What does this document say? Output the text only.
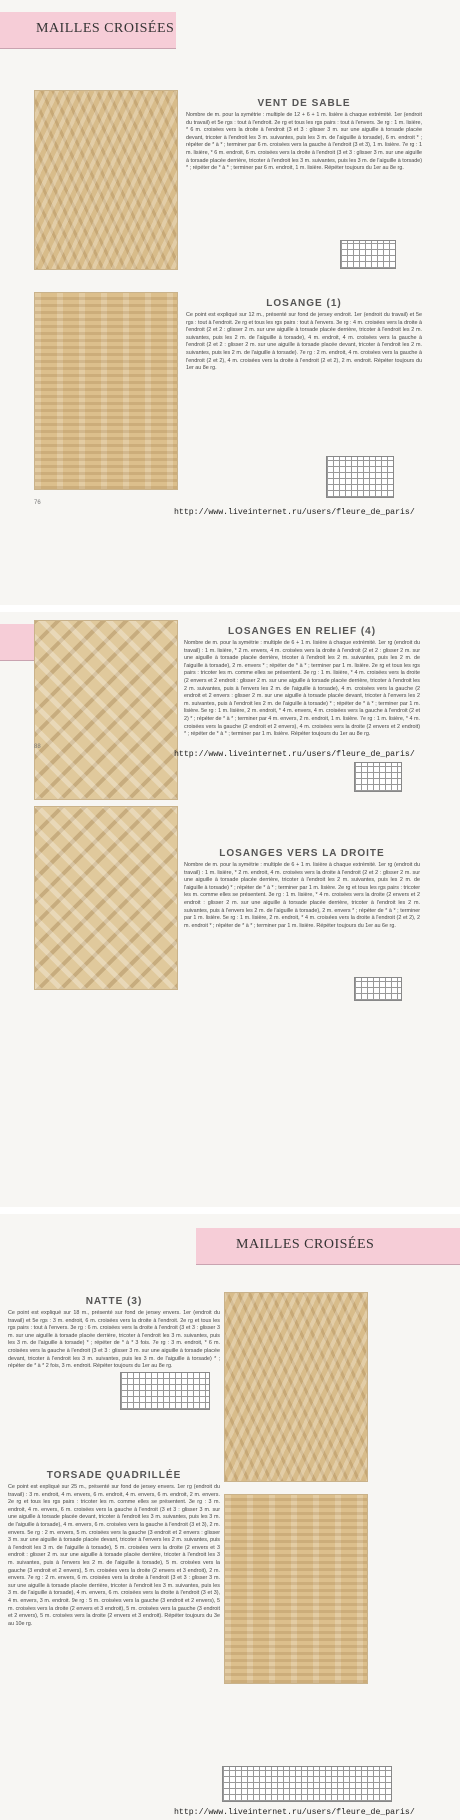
MAILLES CROISÉES
VENT DE SABLE
Nombre de m. pour la symétrie : multiple de 12 + 6 + 1 m. lisière à chaque extrémité. 1er (endroit du travail) et 5e rgs : tout à l'endroit. 2e rg et tous les rgs pairs : tout à l'envers. 3e rg : 1 m. lisière, * 6 m. croisées vers la droite à l'endroit (3 et 3 : glisser 3 m. sur une aiguille à torsade placée devant, tricoter à l'endroit les 3 m. suivantes, puis les 3 m. de l'aiguille à torsade), 6 m. endroit * ; répéter de * à * ; terminer par 6 m. croisées vers la gauche à l'endroit (3 et 3), 1 m. lisière. 7e rg : 1 m. lisière, * 6 m. endroit, 6 m. croisées vers la droite à l'endroit (3 et 3 : glisser 3 m. sur une aiguille à torsade placée derrière, tricoter à l'endroit les 3 m. suivantes, puis les 3 m. de l'aiguille à torsade) * ; répéter de * à * ; terminer par 6 m. endroit, 1 m. lisière. Répéter toujours du 1er au 8e rg.
LOSANGE (1)
Ce point est expliqué sur 12 m., présenté sur fond de jersey endroit. 1er (endroit du travail) et 5e rgs : tout à l'endroit. 2e rg et tous les rgs pairs : tout à l'envers. 3e rg : 4 m. croisées vers la droite à l'endroit (2 et 2 : glisser 2 m. sur une aiguille à torsade placée derrière, tricoter à l'endroit les 2 m. suivantes, puis les 2 m. de l'aiguille à torsade), 4 m. endroit, 4 m. croisées vers la gauche à l'endroit (2 et 2 : glisser 2 m. sur une aiguille à torsade placée devant, tricoter à l'endroit les 2 m. suivantes, puis les 2 m. de l'aiguille à torsade). 7e rg : 2 m. endroit, 4 m. croisées vers la gauche à l'endroit (2 et 2), 4 m. croisées vers la droite à l'endroit (2 et 2), 2 m. endroit. Répéter toujours du 1er au 8e rg.
76
http://www.liveinternet.ru/users/fleure_de_paris/
LOSANGES EN RELIEF (4)
Nombre de m. pour la symétrie : multiple de 6 + 1 m. lisière à chaque extrémité. 1er rg (endroit du travail) : 1 m. lisière, * 2 m. envers, 4 m. croisées vers la droite à l'endroit (2 et 2 : glisser 2 m. sur une aiguille à torsade placée derrière, tricoter à l'endroit les 2 m. suivantes, puis les 2 m. de l'aiguille à torsade), 2 m. envers * ; répéter de * à * ; terminer par 1 m. lisière. 2e rg et tous les rgs pairs : tricoter les m. comme elles se présentent. 3e rg : 1 m. lisière, * 4 m. croisées vers la droite (2 envers et 2 endroit : glisser 2 m. sur une aiguille à torsade placée derrière, tricoter à l'endroit les 2 m. suivantes, puis à l'envers les 2 m. de l'aiguille à torsade), 4 m. croisées vers la gauche (2 endroit et 2 envers : glisser 2 m. sur une aiguille à torsade placée devant, tricoter à l'envers les 2 m. suivantes, puis à l'endroit les 2 m. de l'aiguille à torsade) * ; répéter de * à * ; terminer par 1 m. lisière. 5e rg : 1 m. lisière, 2 m. endroit, * 4 m. envers, 4 m. croisées vers la gauche à l'endroit (2 et 2) * ; répéter de * à * ; terminer par 4 m. envers, 2 m. endroit, 1 m. lisière. 7e rg : 1 m. lisière, * 4 m. croisées vers la gauche (2 endroit et 2 envers), 4 m. croisées vers la droite (2 envers et 2 endroit) * ; répéter de * à * ; terminer par 1 m. lisière. Répéter toujours du 1er au 8e rg.
LOSANGES VERS LA DROITE
Nombre de m. pour la symétrie : multiple de 6 + 1 m. lisière à chaque extrémité. 1er rg (endroit du travail) : 1 m. lisière, * 2 m. endroit, 4 m. croisées vers la droite à l'endroit (2 et 2 : glisser 2 m. sur une aiguille à torsade placée derrière, tricoter à l'endroit les 2 m. suivantes, puis les 2 m. de l'aiguille à torsade) * ; répéter de * à * ; terminer par 1 m. lisière. 2e rg et tous les rgs pairs : tricoter les m. comme elles se présentent. 3e rg : 1 m. lisière, * 4 m. croisées vers la droite (2 envers et 2 endroit : glisser 2 m. sur une aiguille à torsade placée derrière, tricoter à l'endroit les 2 m. suivantes, puis à l'envers les 2 m. de l'aiguille à torsade), 2 m. envers * ; répéter de * à * ; terminer par 1 m. lisière. 5e rg : 1 m. lisière, 2 m. endroit, * 4 m. croisées vers la droite à l'endroit (2 et 2), 2 m. endroit * ; répéter de * à * ; terminer par 1 m. lisière. Répéter toujours du 1er au 6e rg.
88
http://www.liveinternet.ru/users/fleure_de_paris/
MAILLES CROISÉES
NATTE (3)
Ce point est expliqué sur 18 m., présenté sur fond de jersey envers. 1er (endroit du travail) et 5e rgs : 3 m. endroit, 6 m. croisées vers la droite à l'endroit. 2e rg et tous les rgs pairs : tout à l'envers. 3e rg : 6 m. croisées vers la droite à l'endroit (3 et 3 : glisser 3 m. sur une aiguille à torsade placée derrière, tricoter à l'endroit les 3 m. suivantes, puis les 3 m. de l'aiguille à torsade) * ; répéter de * à * 3 fois. 7e rg : 3 m. endroit, * 6 m. croisées vers la gauche à l'endroit (3 et 3 : glisser 3 m. sur une aiguille à torsade placée devant, tricoter à l'endroit les 3 m. suivantes, puis les 3 m. de l'aiguille à torsade) * ; répéter de * à * 2 fois, 3 m. endroit. Répéter toujours du 1er au 8e rg.
TORSADE QUADRILLÉE
Ce point est expliqué sur 25 m., présenté sur fond de jersey envers. 1er rg (endroit du travail) : 3 m. endroit, 4 m. envers, 6 m. endroit, 4 m. envers, 6 m. endroit, 2 m. envers. 2e rg et tous les rgs pairs : tricoter les m. comme elles se présentent. 3e rg : 3 m. endroit, 4 m. envers, 6 m. croisées vers la gauche à l'endroit (3 et 3 : glisser 3 m. sur une aiguille à torsade placée devant, tricoter à l'endroit les 3 m. suivantes, puis les 3 m. de l'aiguille à torsade), 4 m. envers, 6 m. croisées vers la gauche à l'endroit (3 et 3), 2 m. envers. 5e rg : 2 m. envers, 5 m. croisées vers la gauche (3 endroit et 2 envers : glisser 3 m. sur une aiguille à torsade placée devant, tricoter à l'envers les 2 m. suivantes, puis à l'endroit les 3 m. de l'aiguille à torsade), 5 m. croisées vers la droite (2 envers et 3 endroit : glisser 2 m. sur une aiguille à torsade placée derrière, tricoter à l'endroit les 3 m. suivantes, puis à l'envers les 2 m. de l'aiguille à torsade), 5 m. croisées vers la gauche (3 endroit et 2 envers), 5 m. croisées vers la droite (2 envers et 3 endroit), 2 m. envers. 7e rg : 2 m. envers, 6 m. croisées vers la droite à l'endroit (3 et 3 : glisser 3 m. sur une aiguille à torsade placée derrière, tricoter à l'endroit les 3 m. suivantes, puis les 3 m. de l'aiguille à torsade), 4 m. envers, 6 m. croisées vers la droite à l'endroit (3 et 3), 4 m. envers, 3 m. endroit. 9e rg : 5 m. croisées vers la gauche (3 endroit et 2 envers), 5 m. croisées vers la droite (2 envers et 3 endroit), 5 m. croisées vers la gauche (3 endroit et 2 envers), 5 m. croisées vers la droite (2 envers et 3 endroit). Répéter toujours du 3e au 10e rg.
http://www.liveinternet.ru/users/fleure_de_paris/
